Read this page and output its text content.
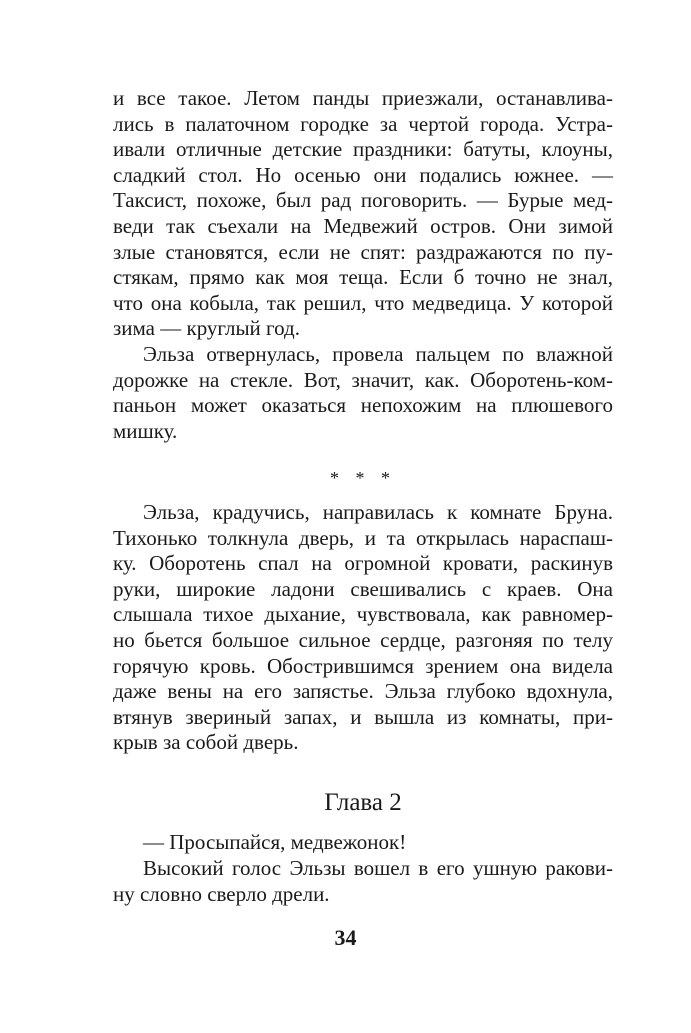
и все такое. Летом панды приезжали, останавлива-
лись в палаточном городке за чертой города. Устра-
ивали отличные детские праздники: батуты, клоуны,
сладкий стол. Но осенью они подались южнее. —
Таксист, похоже, был рад поговорить. — Бурые мед-
веди так съехали на Медвежий остров. Они зимой
злые становятся, если не спят: раздражаются по пу-
стякам, прямо как моя теща. Если б точно не знал,
что она кобыла, так решил, что медведица. У которой
зима — круглый год.
Эльза отвернулась, провела пальцем по влажной
дорожке на стекле. Вот, значит, как. Оборотень-ком-
паньон может оказаться непохожим на плюшевого
мишку.
* * *
Эльза, крадучись, направилась к комнате Бруна.
Тихонько толкнула дверь, и та открылась нараспаш-
ку. Оборотень спал на огромной кровати, раскинув
руки, широкие ладони свешивались с краев. Она
слышала тихое дыхание, чувствовала, как равномер-
но бьется большое сильное сердце, разгоняя по телу
горячую кровь. Обострившимся зрением она видела
даже вены на его запястье. Эльза глубоко вдохнула,
втянув звериный запах, и вышла из комнаты, при-
крыв за собой дверь.
Глава 2
— Просыпайся, медвежонок!
Высокий голос Эльзы вошел в его ушную ракови-
ну словно сверло дрели.
34
